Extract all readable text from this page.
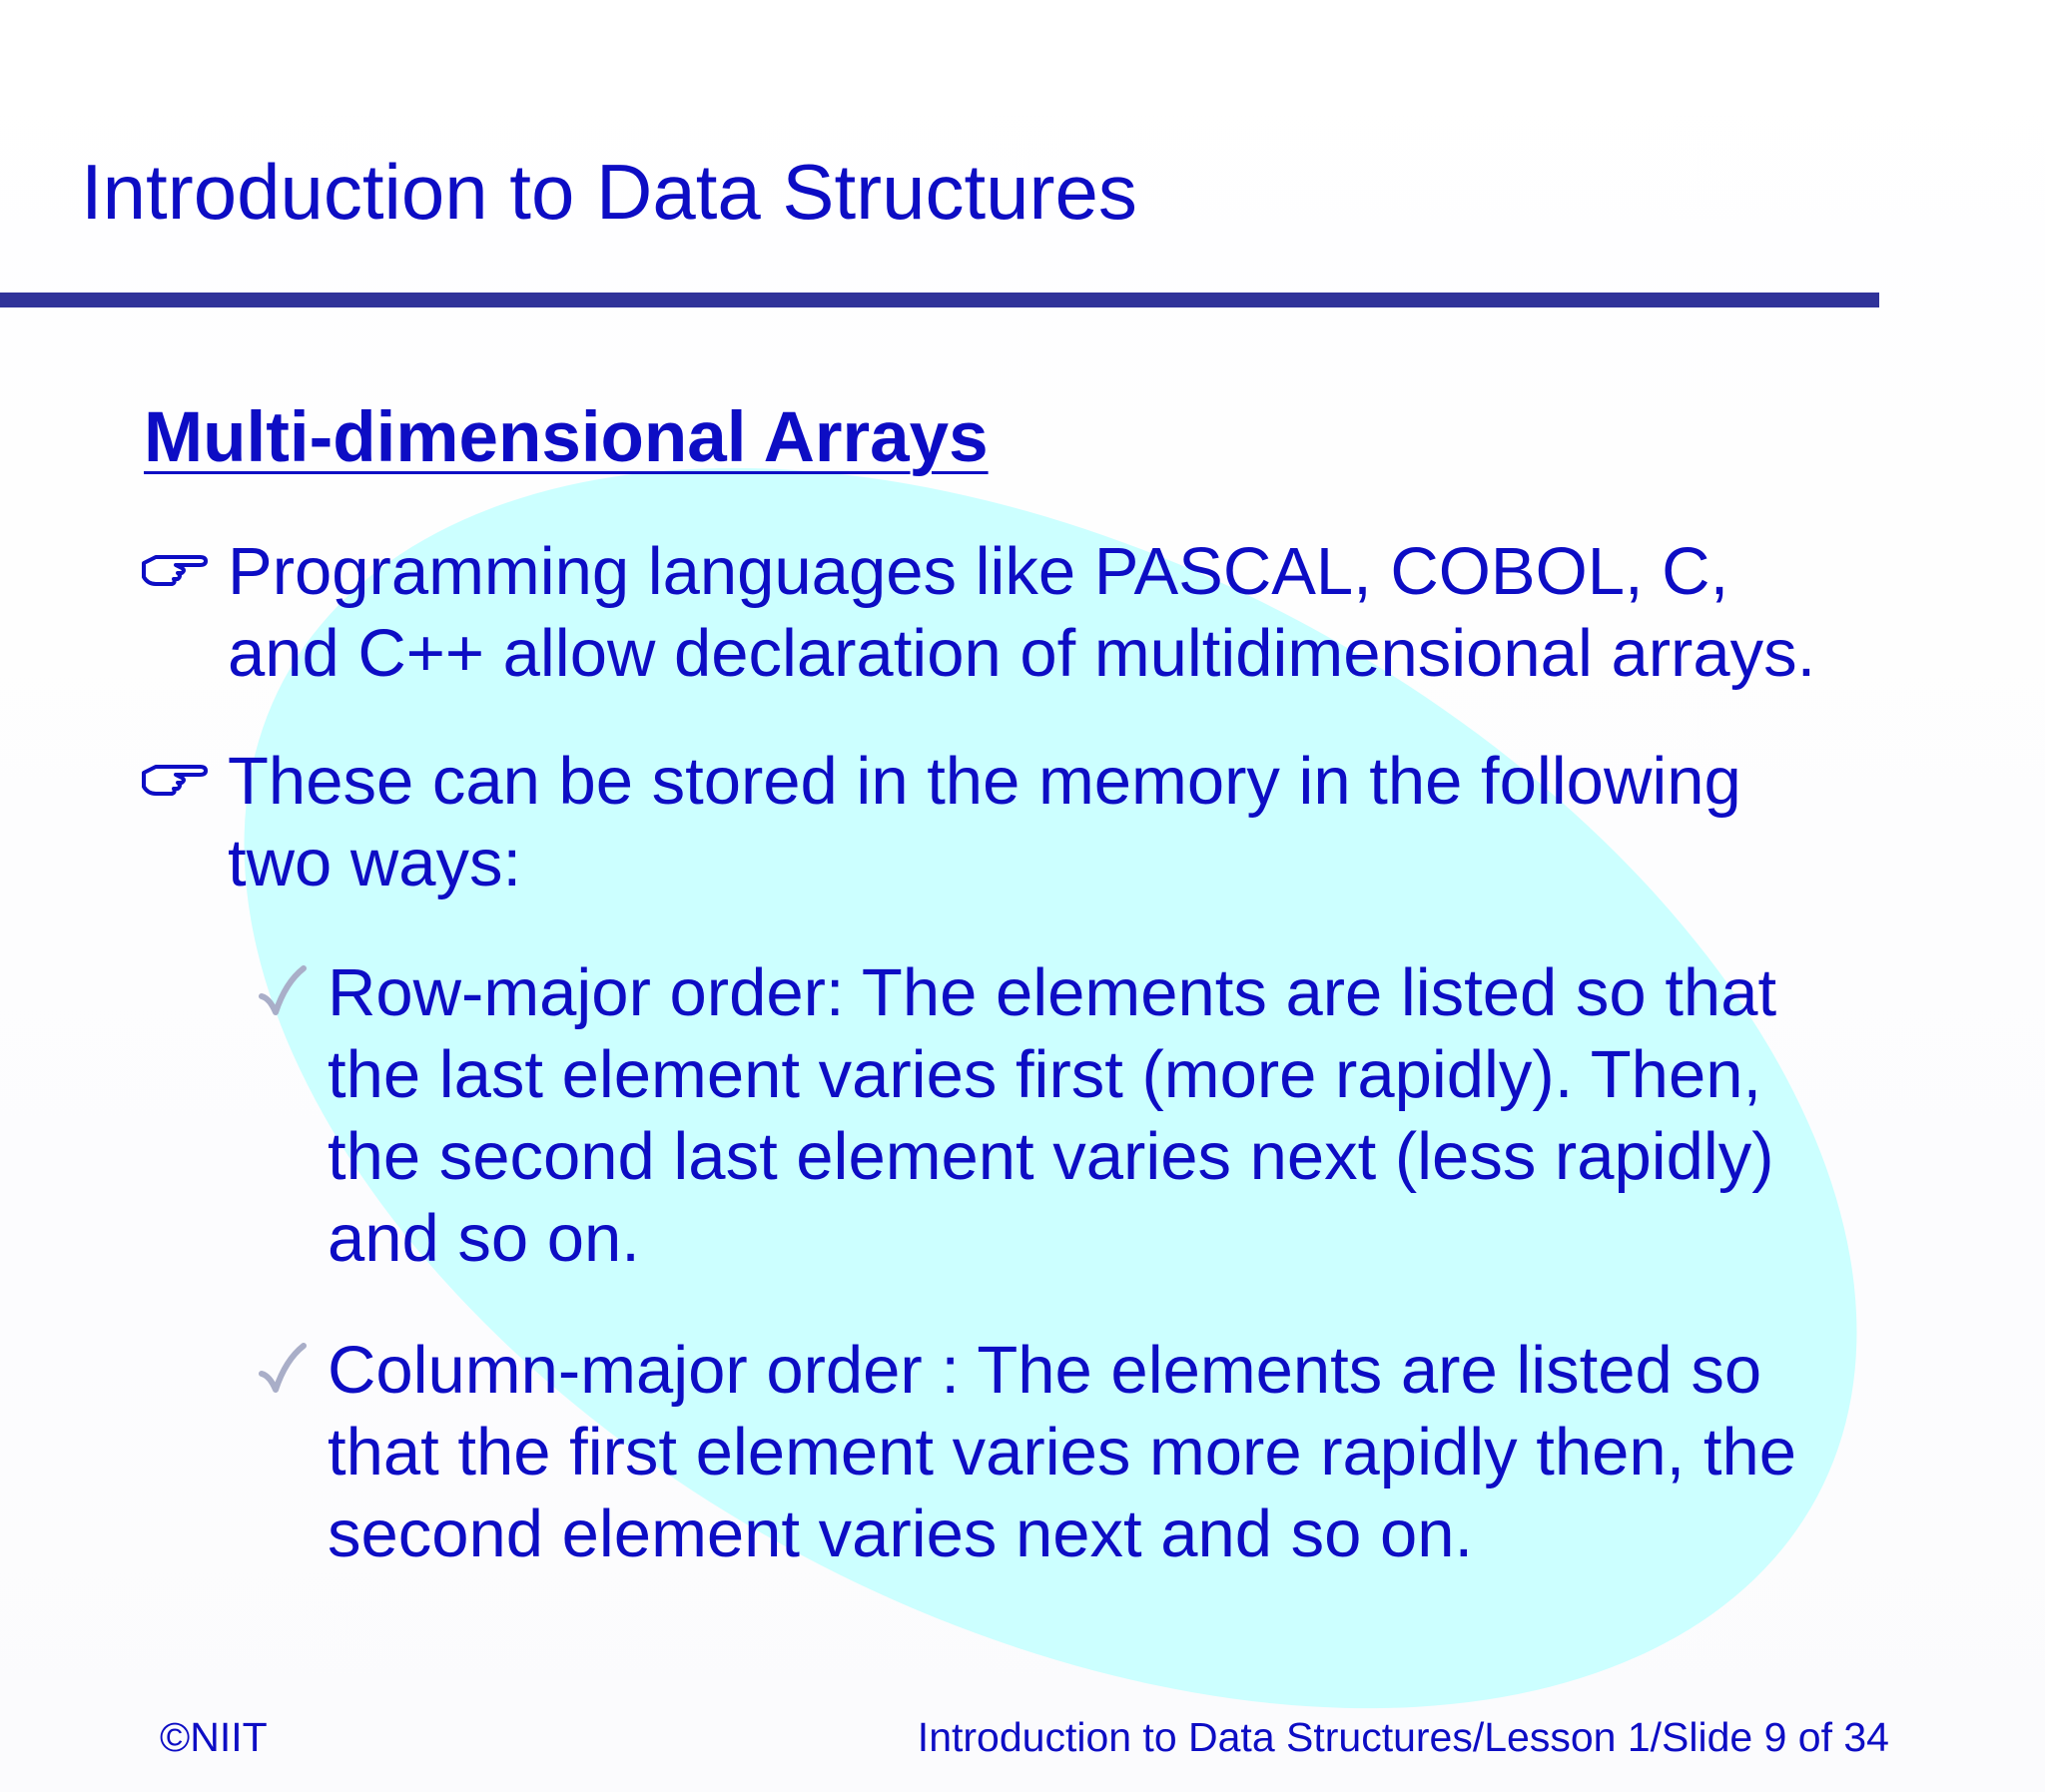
Introduction to Data Structures
Multi-dimensional Arrays
Programming languages like PASCAL, COBOL, C,
and C++ allow declaration of multidimensional arrays.
These can be stored in the memory in the following
two ways:
Row-major order: The elements are listed so that
the last element varies first (more rapidly). Then,
the second last element varies next (less rapidly)
and so on.
Column-major order : The elements are listed so
that the first element varies more rapidly then, the
second element varies next and so on.
©NIIT	Introduction to Data Structures/Lesson 1/Slide 9 of 34
